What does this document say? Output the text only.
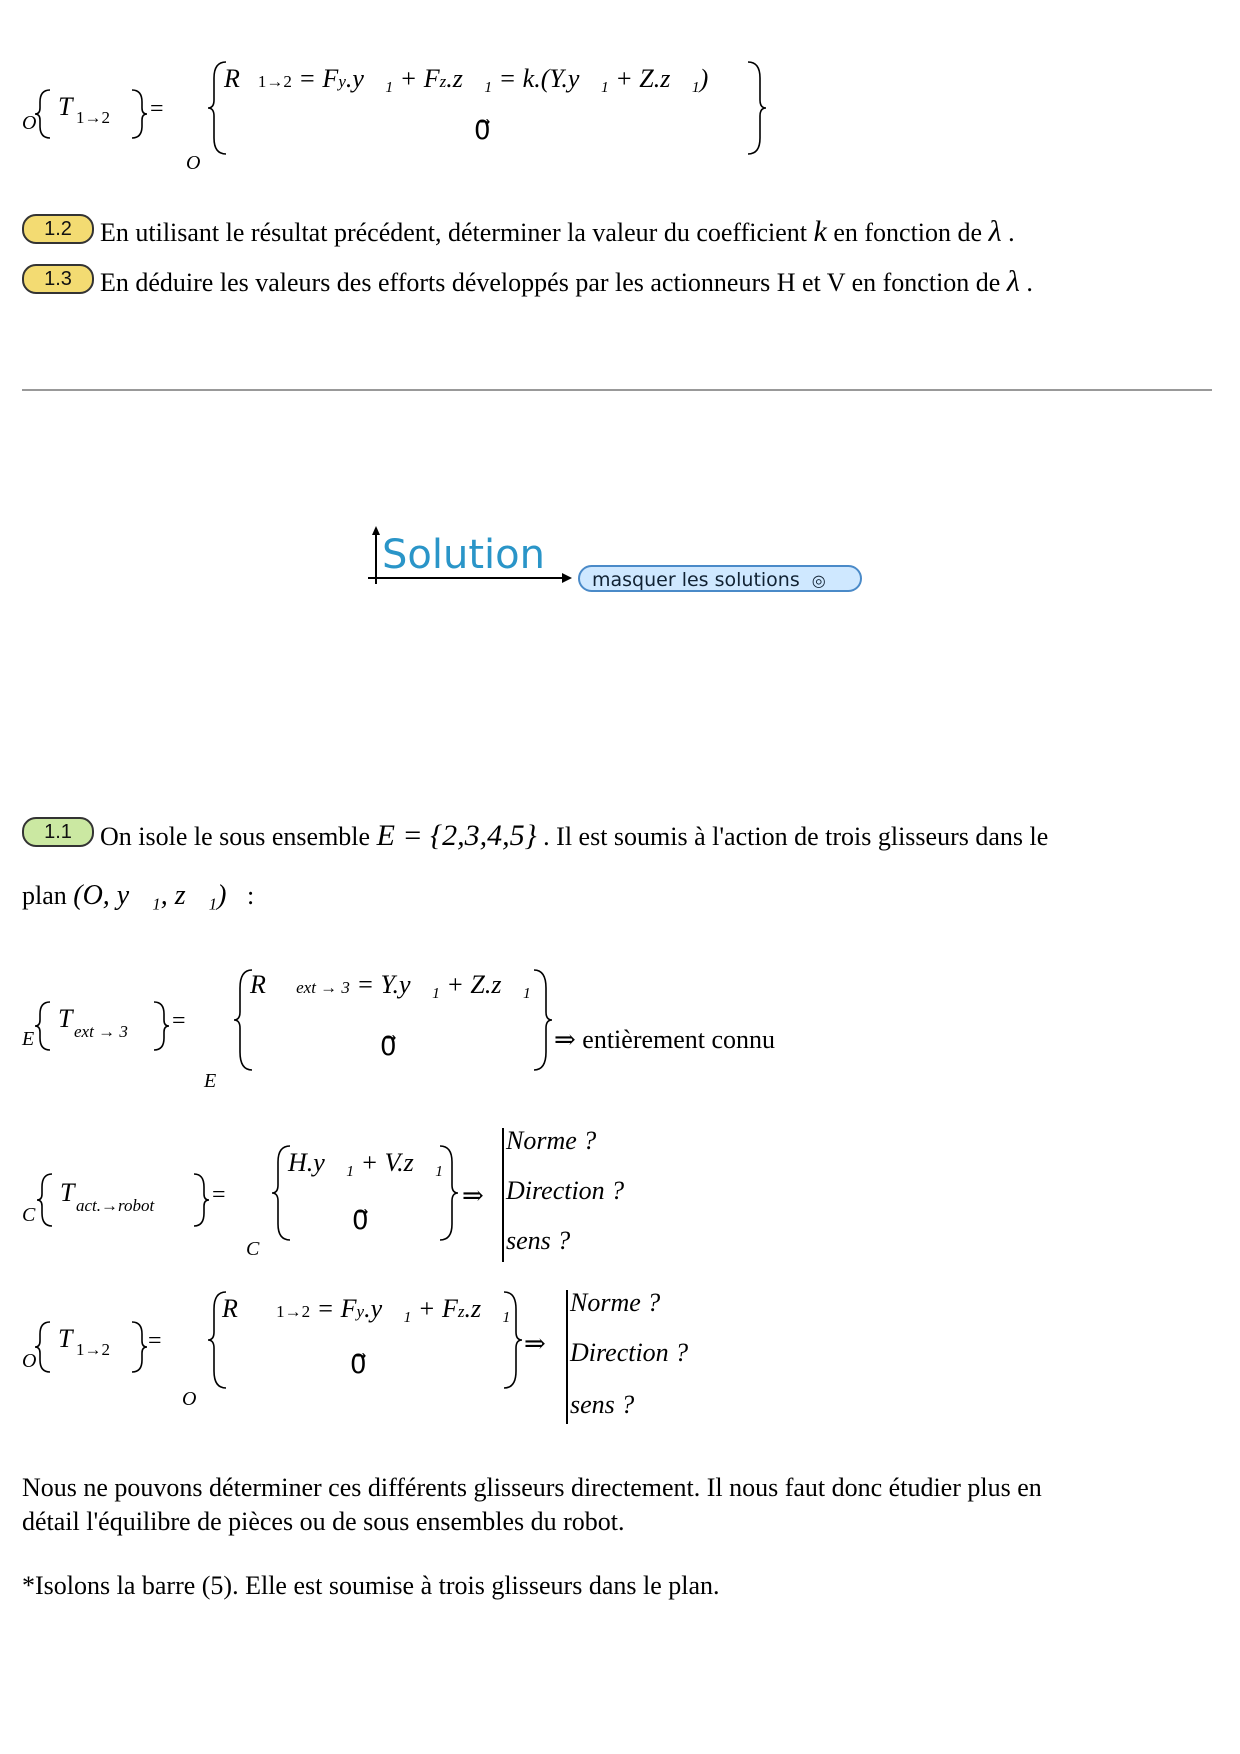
O
T 1→2 =
R 1→2 = Fy.y⃗₁ + Fz.z⃗₁ = k.(Y.y⃗₁ + Z.z⃗₁)
0⃗
O
1.2	En utilisant le résultat précédent, déterminer la valeur du coefficient k en fonction de λ .
1.3	En déduire les valeurs des efforts développés par les actionneurs H et V en fonction de λ .
Solution
masquer les solutions ◎
1.1	On isole le sous ensemble E = {2,3,4,5} . Il est soumis à l'action de trois glisseurs dans le
plan (O, y⃗₁, z⃗₁) :
E
T ext → 3 =
R⃗ext → 3 = Y.y⃗₁ + Z.z⃗₁
0⃗
E
⇒ entièrement connu
C
T act.→robot =
H.y⃗₁ + V.z⃗₁
0⃗
C
⇒
Norme ?
Direction ?
sens ?
O
T 1→2 =
R⃗ 1→2 = Fy.y⃗₁ + Fz.z⃗₁
0⃗
O
⇒
Norme ?
Direction ?
sens ?
Nous ne pouvons déterminer ces différents glisseurs directement. Il nous faut donc étudier plus en
détail l'équilibre de pièces ou de sous ensembles du robot.
*Isolons la barre (5). Elle est soumise à trois glisseurs dans le plan.
